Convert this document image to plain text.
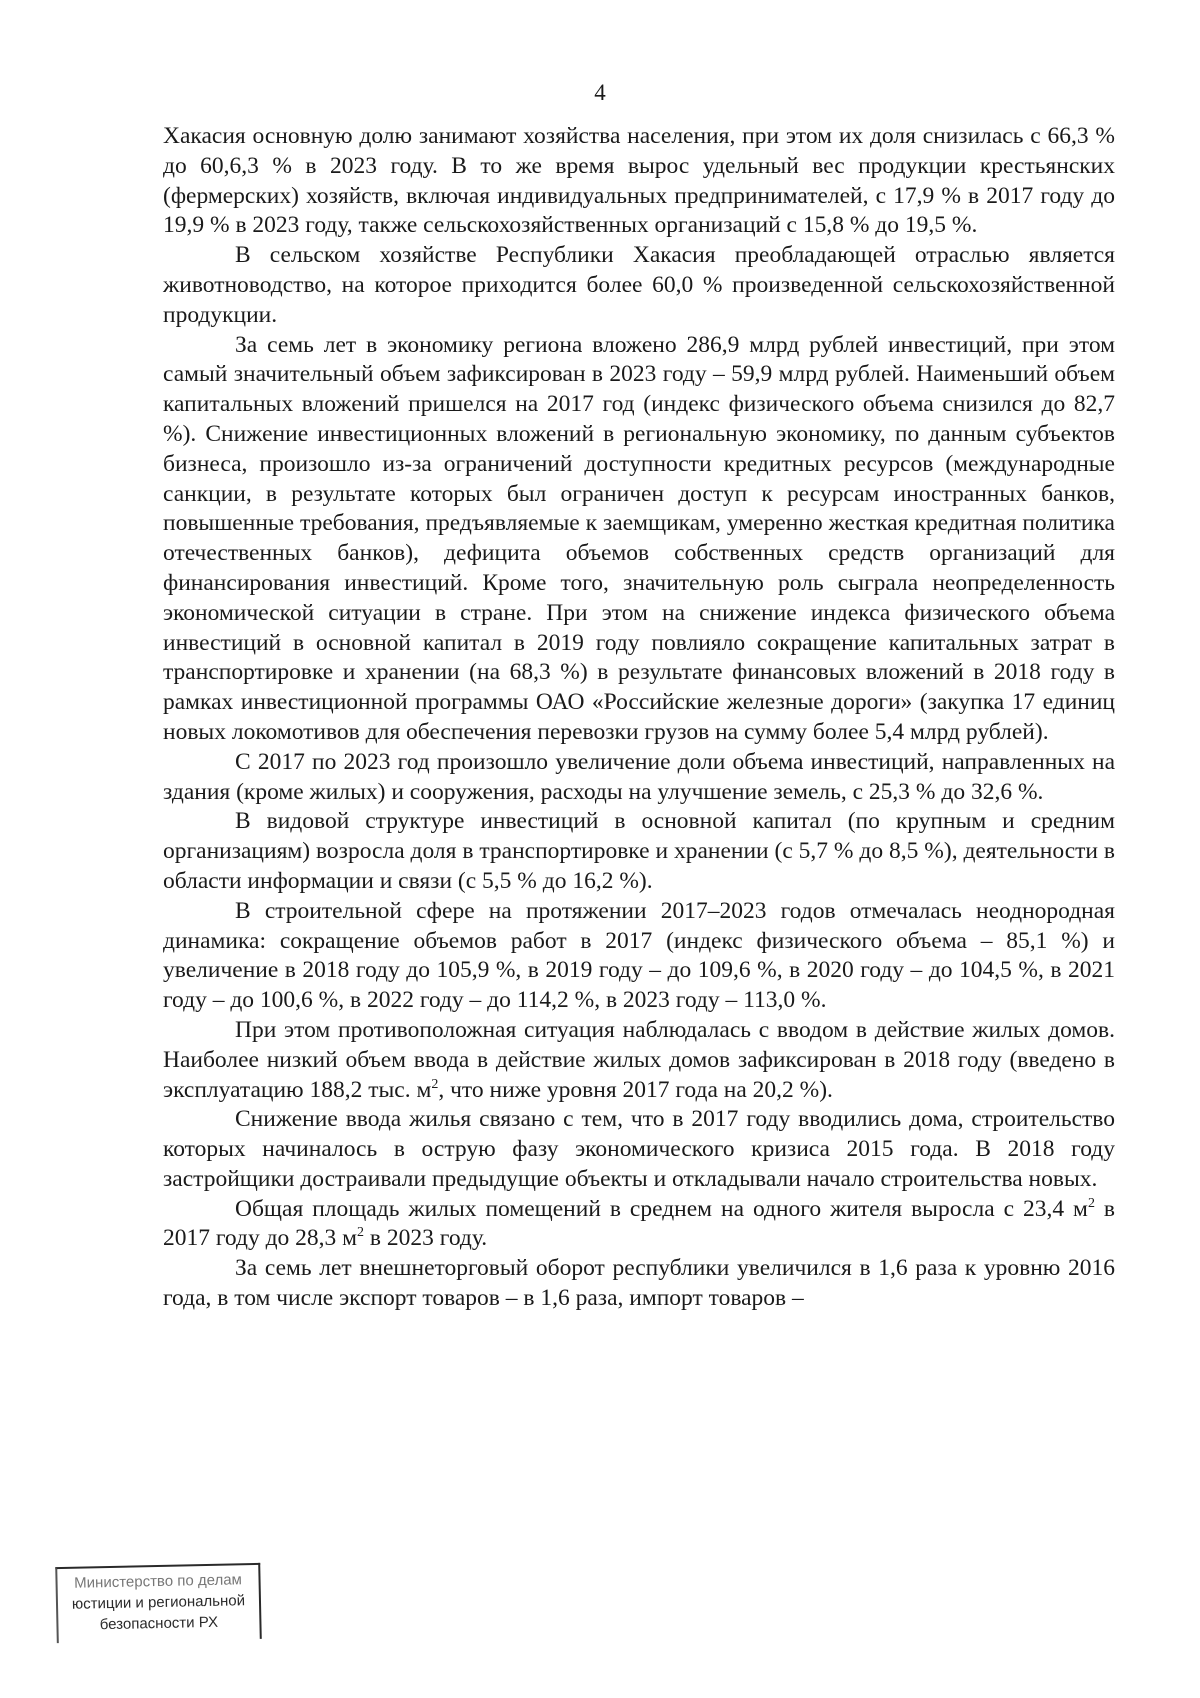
4

Хакасия основную долю занимают хозяйства населения, при этом их доля снизилась с 66,3 % до 60,6,3 % в 2023 году. В то же время вырос удельный вес продукции крестьянских (фермерских) хозяйств, включая индивидуальных предпринимателей, с 17,9 % в 2017 году до 19,9 % в 2023 году, также сельскохозяйственных организаций с 15,8 % до 19,5 %.

В сельском хозяйстве Республики Хакасия преобладающей отраслью является животноводство, на которое приходится более 60,0 % произведенной сельскохозяйственной продукции.

За семь лет в экономику региона вложено 286,9 млрд рублей инвестиций, при этом самый значительный объем зафиксирован в 2023 году – 59,9 млрд рублей. Наименьший объем капитальных вложений пришелся на 2017 год (индекс физического объема снизился до 82,7 %). Снижение инвестиционных вложений в региональную экономику, по данным субъектов бизнеса, произошло из-за ограничений доступности кредитных ресурсов (международные санкции, в результате которых был ограничен доступ к ресурсам иностранных банков, повышенные требования, предъявляемые к заемщикам, умеренно жесткая кредитная политика отечественных банков), дефицита объемов собственных средств организаций для финансирования инвестиций. Кроме того, значительную роль сыграла неопределенность экономической ситуации в стране. При этом на снижение индекса физического объема инвестиций в основной капитал в 2019 году повлияло сокращение капитальных затрат в транспортировке и хранении (на 68,3 %) в результате финансовых вложений в 2018 году в рамках инвестиционной программы ОАО «Российские железные дороги» (закупка 17 единиц новых локомотивов для обеспечения перевозки грузов на сумму более 5,4 млрд рублей).

С 2017 по 2023 год произошло увеличение доли объема инвестиций, направленных на здания (кроме жилых) и сооружения, расходы на улучшение земель, с 25,3 % до 32,6 %.

В видовой структуре инвестиций в основной капитал (по крупным и средним организациям) возросла доля в транспортировке и хранении (с 5,7 % до 8,5 %), деятельности в области информации и связи (с 5,5 % до 16,2 %).

В строительной сфере на протяжении 2017–2023 годов отмечалась неоднородная динамика: сокращение объемов работ в 2017 (индекс физического объема – 85,1 %) и увеличение в 2018 году до 105,9 %, в 2019 году – до 109,6 %, в 2020 году – до 104,5 %, в 2021 году – до 100,6 %, в 2022 году – до 114,2 %, в 2023 году – 113,0 %.

При этом противоположная ситуация наблюдалась с вводом в действие жилых домов. Наиболее низкий объем ввода в действие жилых домов зафиксирован в 2018 году (введено в эксплуатацию 188,2 тыс. $м^2$, что ниже уровня 2017 года на 20,2 %).

Снижение ввода жилья связано с тем, что в 2017 году вводились дома, строительство которых начиналось в острую фазу экономического кризиса 2015 года. В 2018 году застройщики достраивали предыдущие объекты и откладывали начало строительства новых.

Общая площадь жилых помещений в среднем на одного жителя выросла с 23,4 $м^2$ в 2017 году до 28,3 $м^2$ в 2023 году.

За семь лет внешнеторговый оборот республики увеличился в 1,6 раза к уровню 2016 года, в том числе экспорт товаров – в 1,6 раза, импорт товаров –

Министерство по делам
юстиции и региональной
безопасности РХ
